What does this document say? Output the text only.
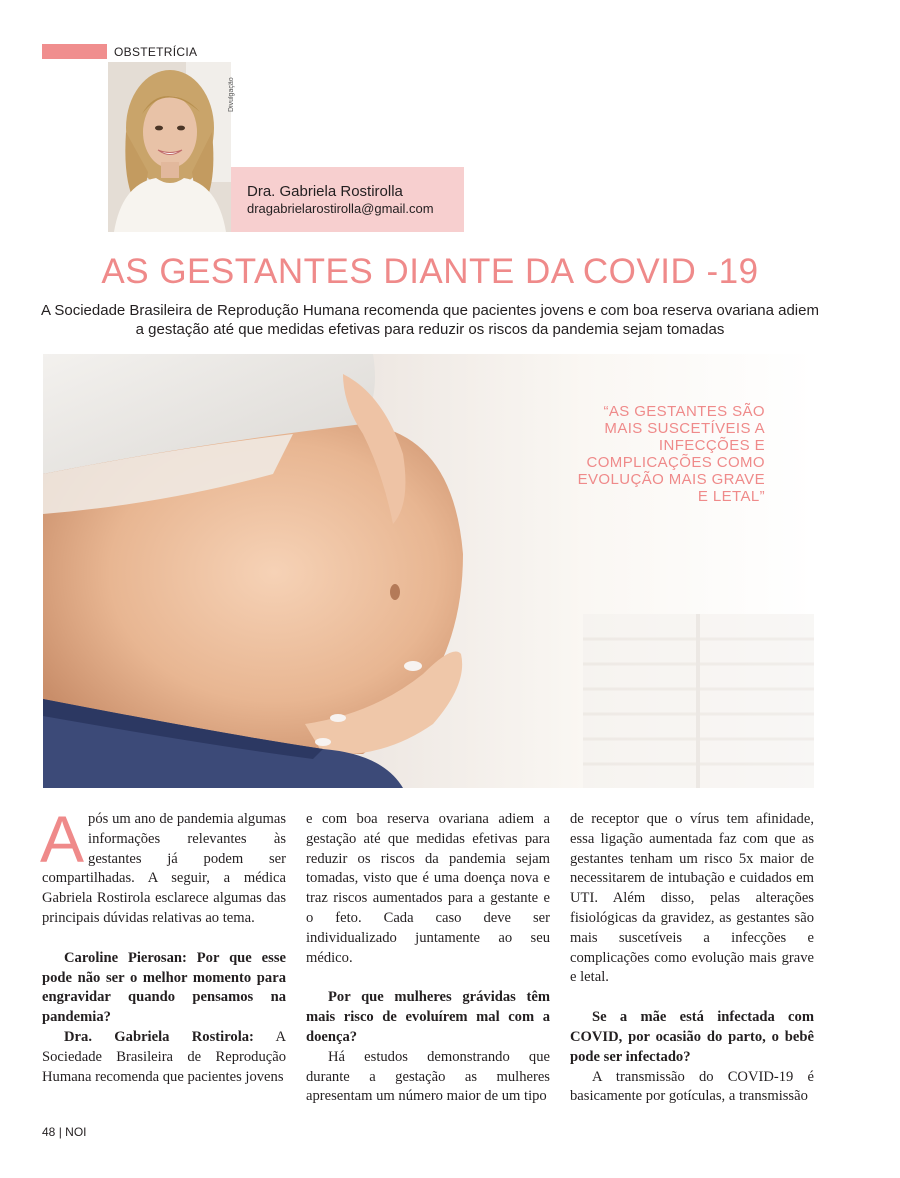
OBSTETRÍCIA
Divulgação
Dra. Gabriela Rostirolla
dragabrielarostirolla@gmail.com
AS GESTANTES DIANTE DA COVID -19
A Sociedade Brasileira de Reprodução Humana recomenda que pacientes jovens e com boa reserva ovariana adiem a gestação até que medidas efetivas para reduzir os riscos da pandemia sejam tomadas
“AS GESTANTES SÃO MAIS SUSCETÍVEIS A INFECÇÕES E COMPLICAÇÕES COMO EVOLUÇÃO MAIS GRAVE E LETAL”

Após um ano de pandemia algumas informações relevantes às gestantes já podem ser compartilhadas. A seguir, a médica Gabriela Rostirola esclarece algumas das principais dúvidas relativas ao tema.

Caroline Pierosan: Por que esse pode não ser o melhor momento para engravidar quando pensamos na pandemia?

Dra. Gabriela Rostirola: A Sociedade Brasileira de Reprodução Humana recomenda que pacientes jovens

e com boa reserva ovariana adiem a gestação até que medidas efetivas para reduzir os riscos da pandemia sejam tomadas, visto que é uma doença nova e traz riscos aumentados para a gestante e o feto. Cada caso deve ser individualizado juntamente ao seu médico.

Por que mulheres grávidas têm mais risco de evoluírem mal com a doença?

Há estudos demonstrando que durante a gestação as mulheres apresentam um número maior de um tipo

de receptor que o vírus tem afinidade, essa ligação aumentada faz com que as gestantes tenham um risco 5x maior de necessitarem de intubação e cuidados em UTI. Além disso, pelas alterações fisiológicas da gravidez, as gestantes são mais suscetíveis a infecções e complicações como evolução mais grave e letal.

Se a mãe está infectada com COVID, por ocasião do parto, o bebê pode ser infectado?

A transmissão do COVID-19 é basicamente por gotículas, a transmissão

48 | NOI
